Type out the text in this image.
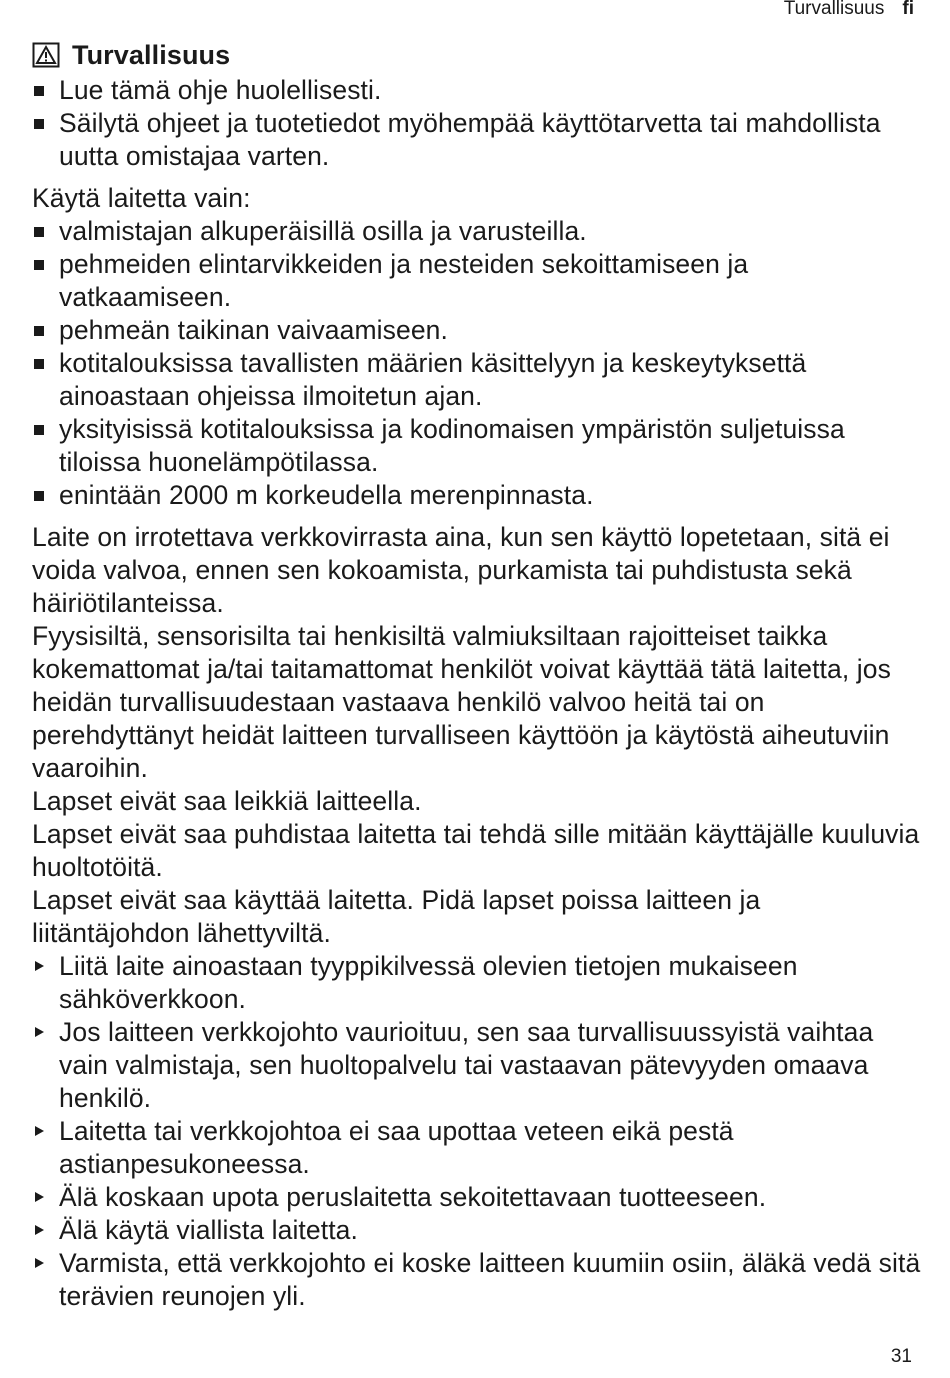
Turvallisuus fi
Turvallisuus
Lue tämä ohje huolellisesti.
Säilytä ohjeet ja tuotetiedot myöhempää käyttötarvetta tai mahdollista uutta omistajaa varten.

Käytä laitetta vain:

valmistajan alkuperäisillä osilla ja varusteilla.
pehmeiden elintarvikkeiden ja nesteiden sekoittamiseen ja vatkaamiseen.
pehmeän taikinan vaivaamiseen.
kotitalouksissa tavallisten määrien käsittelyyn ja keskeytyksettä ainoastaan ohjeissa ilmoitetun ajan.
yksityisissä kotitalouksissa ja kodinomaisen ympäristön suljetuissa tiloissa huonelämpötilassa.
enintään 2000 m korkeudella merenpinnasta.

Laite on irrotettava verkkovirrasta aina, kun sen käyttö lopetetaan, sitä ei voida valvoa, ennen sen kokoamista, purkamista tai puhdistusta sekä häiriötilanteissa.

Fyysisiltä, sensorisilta tai henkisiltä valmiuksiltaan rajoitteiset taikka kokemattomat ja/tai taitamattomat henkilöt voivat käyttää tätä laitetta, jos heidän turvallisuudestaan vastaava henkilö valvoo heitä tai on perehdyttänyt heidät laitteen turvalliseen käyttöön ja käytöstä aiheutuviin vaaroihin.

Lapset eivät saa leikkiä laitteella.

Lapset eivät saa puhdistaa laitetta tai tehdä sille mitään käyttäjälle kuuluvia huoltotöitä.

Lapset eivät saa käyttää laitetta. Pidä lapset poissa laitteen ja liitäntäjohdon lähettyviltä.

Liitä laite ainoastaan tyyppikilvessä olevien tietojen mukaiseen sähköverkkoon.
Jos laitteen verkkojohto vaurioituu, sen saa turvallisuussyistä vaihtaa vain valmistaja, sen huoltopalvelu tai vastaavan pätevyyden omaava henkilö.
Laitetta tai verkkojohtoa ei saa upottaa veteen eikä pestä astianpesukoneessa.
Älä koskaan upota peruslaitetta sekoitettavaan tuotteeseen.
Älä käytä viallista laitetta.
Varmista, että verkkojohto ei koske laitteen kuumiin osiin, äläkä vedä sitä terävien reunojen yli.
31
